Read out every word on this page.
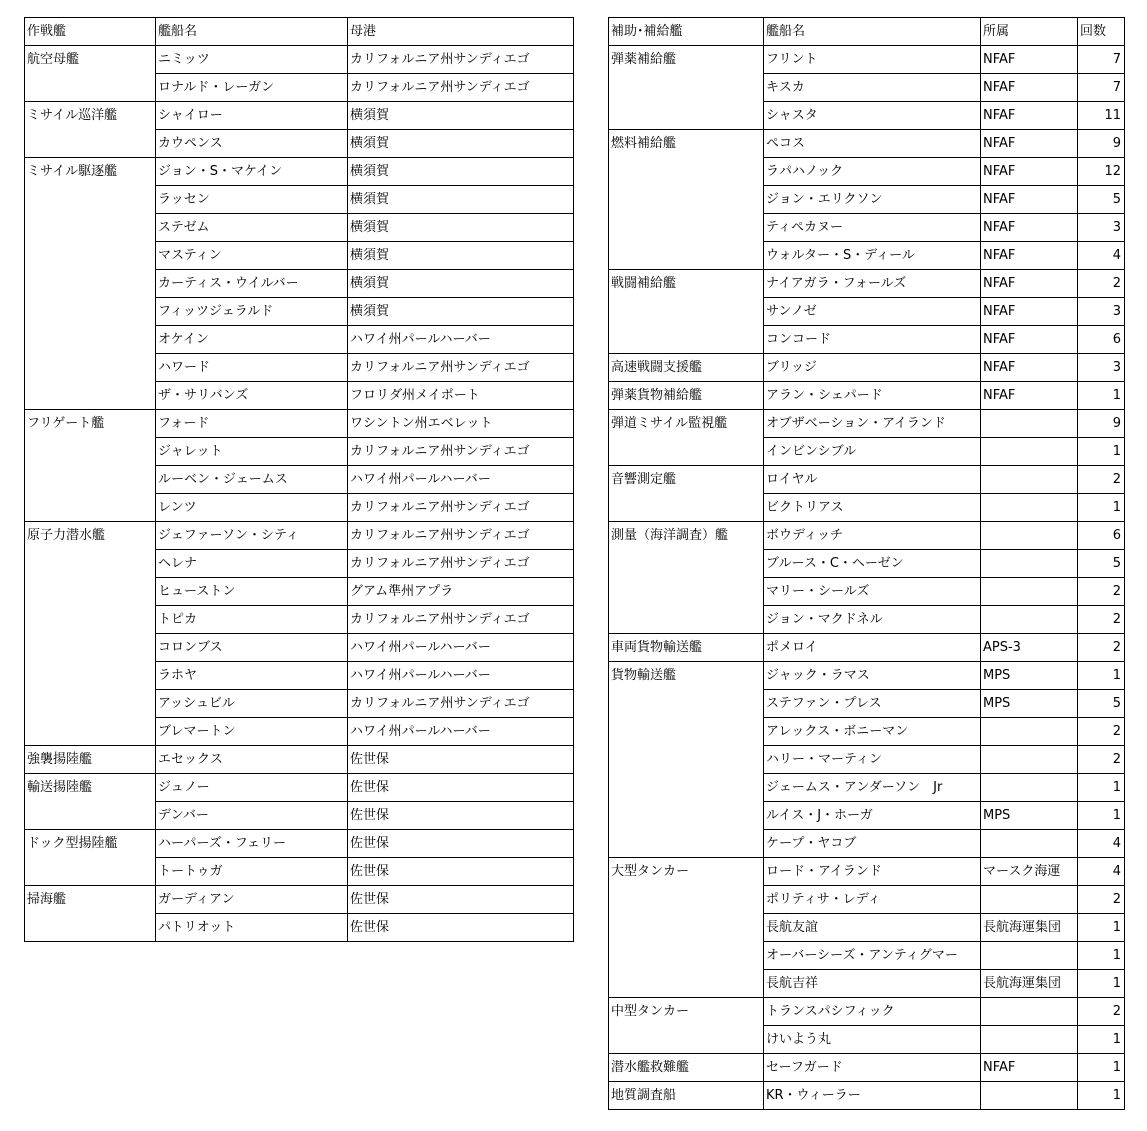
作戦艦	艦船名	母港
航空母艦	ニミッツ	カリフォルニア州サンディエゴ
	ロナルド・レーガン	カリフォルニア州サンディエゴ
ミサイル巡洋艦	シャイロー	横須賀
	カウペンス	横須賀
ミサイル駆逐艦	ジョン・S・マケイン	横須賀
	ラッセン	横須賀
	ステゼム	横須賀
	マスティン	横須賀
	カーティス・ウイルバー	横須賀
	フィッツジェラルド	横須賀
	オケイン	ハワイ州パールハーバー
	ハワード	カリフォルニア州サンディエゴ
	ザ・サリバンズ	フロリダ州メイポート
フリゲート艦	フォード	ワシントン州エベレット
	ジャレット	カリフォルニア州サンディエゴ
	ルーベン・ジェームス	ハワイ州パールハーバー
	レンツ	カリフォルニア州サンディエゴ
原子力潜水艦	ジェファーソン・シティ	カリフォルニア州サンディエゴ
	ヘレナ	カリフォルニア州サンディエゴ
	ヒューストン	グアム準州アプラ
	トピカ	カリフォルニア州サンディエゴ
	コロンブス	ハワイ州パールハーバー
	ラホヤ	ハワイ州パールハーバー
	アッシュビル	カリフォルニア州サンディエゴ
	ブレマートン	ハワイ州パールハーバー
強襲揚陸艦	エセックス	佐世保
輸送揚陸艦	ジュノー	佐世保
	デンバー	佐世保
ドック型揚陸艦	ハーパーズ・フェリー	佐世保
	トートゥガ	佐世保
掃海艦	ガーディアン	佐世保
	パトリオット	佐世保
補助･補給艦	艦船名	所属	回数
弾薬補給艦	フリント	NFAF	7
	キスカ	NFAF	7
	シャスタ	NFAF	11
燃料補給艦	ペコス	NFAF	9
	ラパハノック	NFAF	12
	ジョン・エリクソン	NFAF	5
	ティペカヌー	NFAF	3
	ウォルター・S・ディール	NFAF	4
戦闘補給艦	ナイアガラ・フォールズ	NFAF	2
	サンノゼ	NFAF	3
	コンコード	NFAF	6
高速戦闘支援艦	ブリッジ	NFAF	3
弾薬貨物補給艦	アラン・シェパード	NFAF	1
弾道ミサイル監視艦	オブザベーション・アイランド		9
	インビンシブル		1
音響測定艦	ロイヤル		2
	ビクトリアス		1
測量（海洋調査）艦	ボウディッチ		6
	ブルース・C・ヘーゼン		5
	マリー・シールズ		2
	ジョン・マクドネル		2
車両貨物輸送艦	ポメロイ	APS-3	2
貨物輸送艦	ジャック・ラマス	MPS	1
	ステファン・プレス	MPS	5
	アレックス・ボニーマン		2
	ハリー・マーティン		2
	ジェームス・アンダーソン　Jr		1
	ルイス・J・ホーガ	MPS	1
	ケープ・ヤコブ		4
大型タンカー	ロード・アイランド	マースク海運	4
	ポリティサ・レディ		2
	長航友誼	長航海運集団	1
	オーバーシーズ・アンティグマー		1
	長航吉祥	長航海運集団	1
中型タンカー	トランスパシフィック		2
	けいよう丸		1
潜水艦救難艦	セーフガード	NFAF	1
地質調査船	KR・ウィーラー		1
